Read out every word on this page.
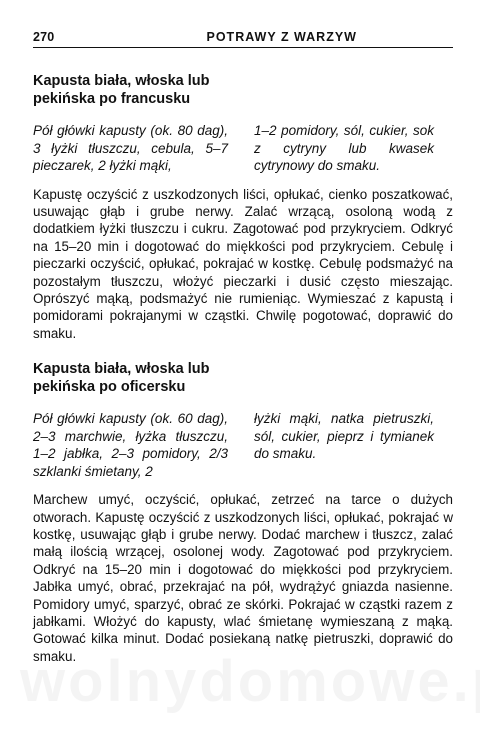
270	POTRAWY Z WARZYW
Kapusta biała, włoska lub pekińska po francusku

Pół główki kapusty (ok. 80 dag), 3 łyżki tłuszczu, cebula, 5–7 pieczarek, 2 łyżki mąki,

1–2 pomidory, sól, cukier, sok z cytryny lub kwasek cytrynowy do smaku.

Kapustę oczyścić z uszkodzonych liści, opłukać, cienko poszatkować, usuwając głąb i grube nerwy. Zalać wrzącą, osoloną wodą z dodatkiem łyżki tłuszczu i cukru. Zagotować pod przykryciem. Odkryć na 15–20 min i dogotować do miękkości pod przykryciem. Cebulę i pieczarki oczyścić, opłukać, pokrajać w kostkę. Cebulę podsmażyć na pozostałym tłuszczu, włożyć pieczarki i dusić często mieszając. Oprószyć mąką, podsmażyć nie rumieniąc. Wymieszać z kapustą i pomidorami pokrajanymi w cząstki. Chwilę pogotować, doprawić do smaku.

Kapusta biała, włoska lub pekińska po oficersku

Pół główki kapusty (ok. 60 dag), 2–3 marchwie, łyżka tłuszczu, 1–2 jabłka, 2–3 pomidory, 2/3 szklanki śmietany, 2

łyżki mąki, natka pietruszki, sól, cukier, pieprz i tymianek do smaku.

Marchew umyć, oczyścić, opłukać, zetrzeć na tarce o dużych otworach. Kapustę oczyścić z uszkodzonych liści, opłukać, pokrajać w kostkę, usuwając głąb i grube nerwy. Dodać marchew i tłuszcz, zalać małą ilością wrzącej, osolonej wody. Zagotować pod przykryciem. Odkryć na 15–20 min i dogotować do miękkości pod przykryciem. Jabłka umyć, obrać, przekrajać na pół, wydrążyć gniazda nasienne. Pomidory umyć, sparzyć, obrać ze skórki. Pokrajać w cząstki razem z jabłkami. Włożyć do kapusty, wlać śmietanę wymieszaną z mąką. Gotować kilka minut. Dodać posiekaną natkę pietruszki, doprawić do smaku.
